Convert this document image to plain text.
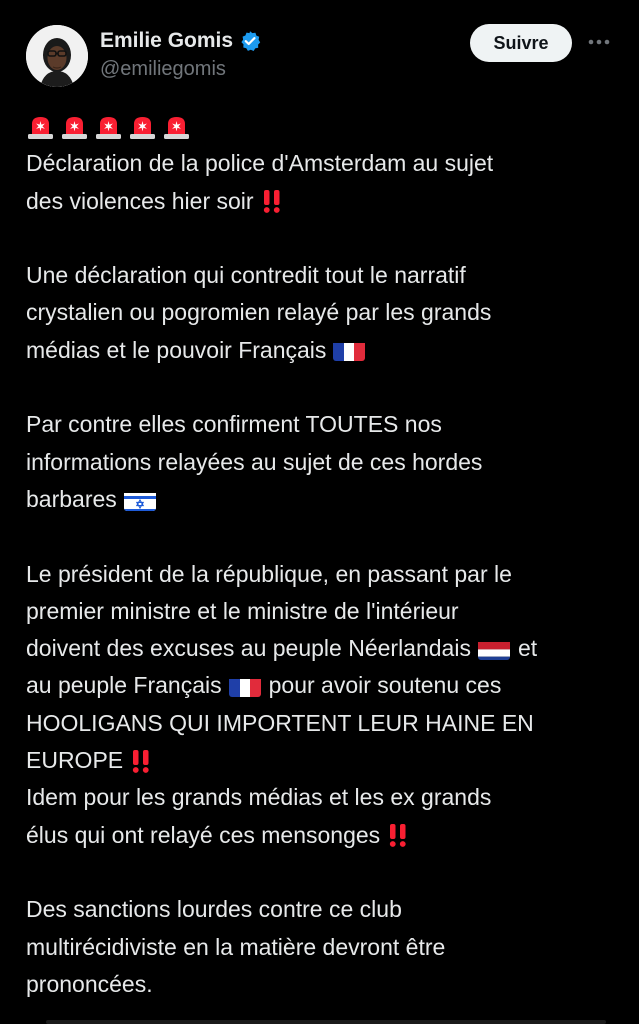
Emilie Gomis
@emiliegomis
Suivre
Déclaration de la police d'Amsterdam au sujet
des violences hier soir
Une déclaration qui contredit tout le narratif
crystalien ou pogromien relayé par les grands
médias et le pouvoir Français
Par contre elles confirment TOUTES nos
informations relayées au sujet de ces hordes
barbares
Le président de la république, en passant par le
premier ministre et le ministre de l'intérieur
doivent des excuses au peuple Néerlandais et
au peuple Français pour avoir soutenu ces
HOOLIGANS QUI IMPORTENT LEUR HAINE EN
EUROPE
Idem pour les grands médias et les ex grands
élus qui ont relayé ces mensonges
Des sanctions lourdes contre ce club
multirécidiviste en la matière devront être
prononcées.
